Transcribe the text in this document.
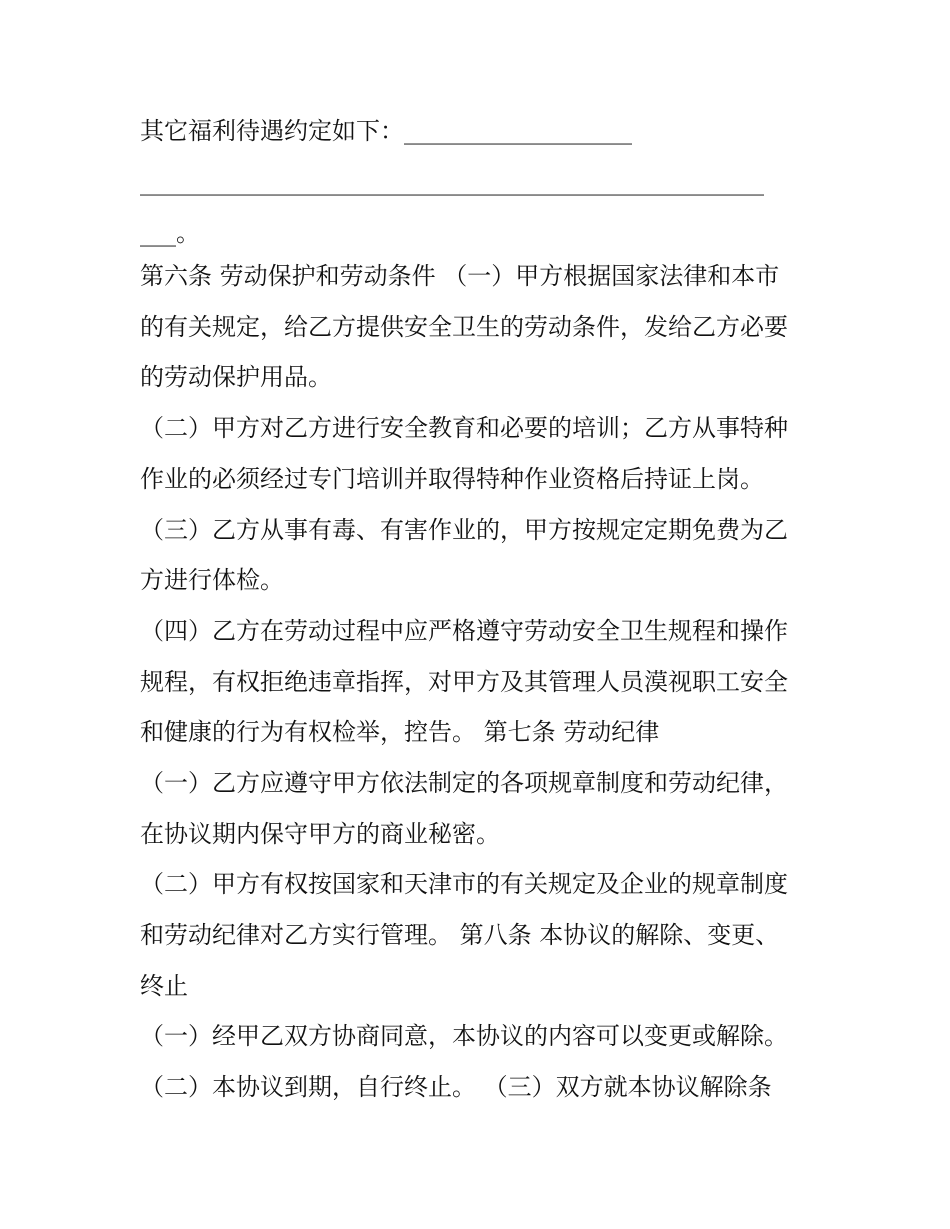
其它福利待遇约定如下：___________________
____________________________________________________
___。
第六条 劳动保护和劳动条件 （一）甲方根据国家法律和本市
的有关规定，给乙方提供安全卫生的劳动条件，发给乙方必要
的劳动保护用品。
（二）甲方对乙方进行安全教育和必要的培训；乙方从事特种
作业的必须经过专门培训并取得特种作业资格后持证上岗。
（三）乙方从事有毒、有害作业的，甲方按规定定期免费为乙
方进行体检。
（四）乙方在劳动过程中应严格遵守劳动安全卫生规程和操作
规程，有权拒绝违章指挥，对甲方及其管理人员漠视职工安全
和健康的行为有权检举，控告。 第七条 劳动纪律
（一）乙方应遵守甲方依法制定的各项规章制度和劳动纪律，
在协议期内保守甲方的商业秘密。
（二）甲方有权按国家和天津市的有关规定及企业的规章制度
和劳动纪律对乙方实行管理。 第八条 本协议的解除、变更、
终止
（一）经甲乙双方协商同意，本协议的内容可以变更或解除。
（二）本协议到期，自行终止。 （三）双方就本协议解除条
